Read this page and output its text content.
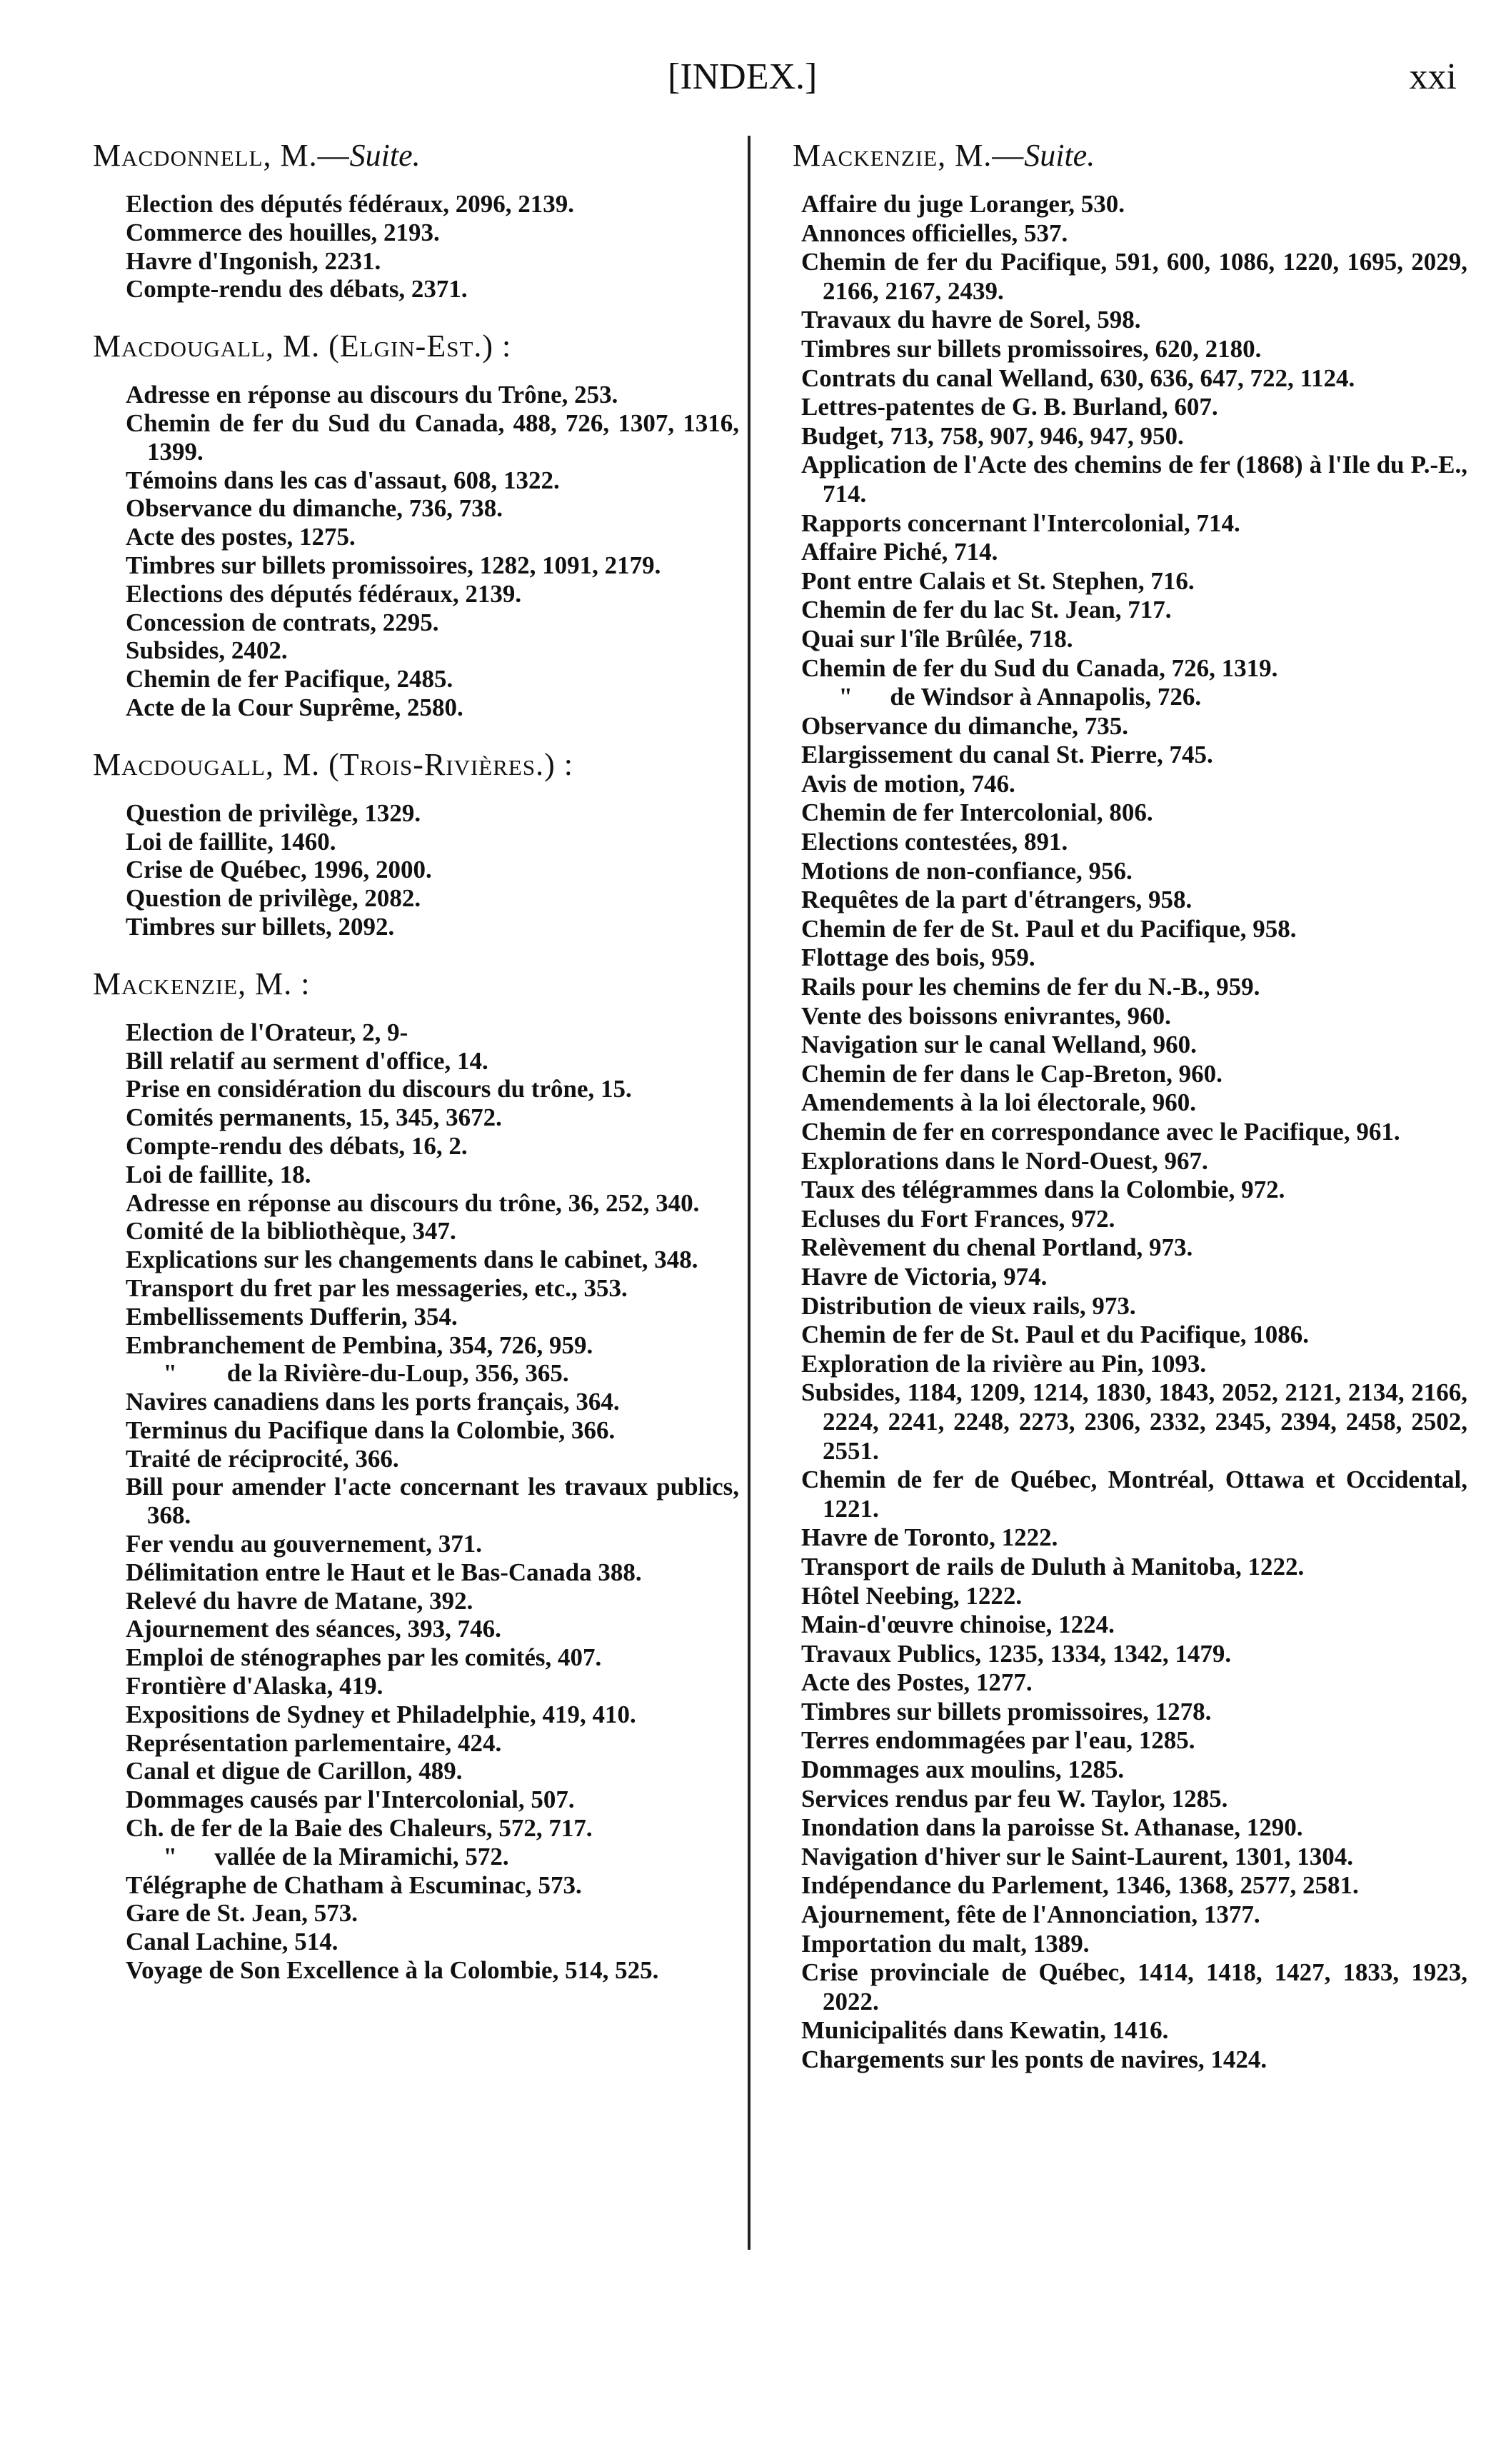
[INDEX.]	xxi
Macdonnell, M.—Suite.
Election des députés fédéraux, 2096, 2139.
Commerce des houilles, 2193.
Havre d'Ingonish, 2231.
Compte-rendu des débats, 2371.
Macdougall, M. (Elgin-Est.) :
Adresse en réponse au discours du Trône, 253.
Chemin de fer du Sud du Canada, 488, 726, 1307, 1316, 1399.
Témoins dans les cas d'assaut, 608, 1322.
Observance du dimanche, 736, 738.
Acte des postes, 1275.
Timbres sur billets promissoires, 1282, 1091, 2179.
Elections des députés fédéraux, 2139.
Concession de contrats, 2295.
Subsides, 2402.
Chemin de fer Pacifique, 2485.
Acte de la Cour Suprême, 2580.
Macdougall, M. (Trois-Rivières.) :
Question de privilège, 1329.
Loi de faillite, 1460.
Crise de Québec, 1996, 2000.
Question de privilège, 2082.
Timbres sur billets, 2092.
Mackenzie, M. :
Election de l'Orateur, 2, 9-
Bill relatif au serment d'office, 14.
Prise en considération du discours du trône, 15.
Comités permanents, 15, 345, 3672.
Compte-rendu des débats, 16, 2.
Loi de faillite, 18.
Adresse en réponse au discours du trône, 36, 252, 340.
Comité de la bibliothèque, 347.
Explications sur les changements dans le cabinet, 348.
Transport du fret par les messageries, etc., 353.
Embellissements Dufferin, 354.
Embranchement de Pembina, 354, 726, 959.
"        de la Rivière-du-Loup, 356, 365.
Navires canadiens dans les ports français, 364.
Terminus du Pacifique dans la Colombie, 366.
Traité de réciprocité, 366.
Bill pour amender l'acte concernant les travaux publics, 368.
Fer vendu au gouvernement, 371.
Délimitation entre le Haut et le Bas-Canada 388.
Relevé du havre de Matane, 392.
Ajournement des séances, 393, 746.
Emploi de sténographes par les comités, 407.
Frontière d'Alaska, 419.
Expositions de Sydney et Philadelphie, 419, 410.
Représentation parlementaire, 424.
Canal et digue de Carillon, 489.
Dommages causés par l'Intercolonial, 507.
Ch. de fer de la Baie des Chaleurs, 572, 717.
"      vallée de la Miramichi, 572.
Télégraphe de Chatham à Escuminac, 573.
Gare de St. Jean, 573.
Canal Lachine, 514.
Voyage de Son Excellence à la Colombie, 514, 525.
Mackenzie, M.—Suite.
Affaire du juge Loranger, 530.
Annonces officielles, 537.
Chemin de fer du Pacifique, 591, 600, 1086, 1220, 1695, 2029, 2166, 2167, 2439.
Travaux du havre de Sorel, 598.
Timbres sur billets promissoires, 620, 2180.
Contrats du canal Welland, 630, 636, 647, 722, 1124.
Lettres-patentes de G. B. Burland, 607.
Budget, 713, 758, 907, 946, 947, 950.
Application de l'Acte des chemins de fer (1868) à l'Ile du P.-E., 714.
Rapports concernant l'Intercolonial, 714.
Affaire Piché, 714.
Pont entre Calais et St. Stephen, 716.
Chemin de fer du lac St. Jean, 717.
Quai sur l'île Brûlée, 718.
Chemin de fer du Sud du Canada, 726, 1319.
"      de Windsor à Annapolis, 726.
Observance du dimanche, 735.
Elargissement du canal St. Pierre, 745.
Avis de motion, 746.
Chemin de fer Intercolonial, 806.
Elections contestées, 891.
Motions de non-confiance, 956.
Requêtes de la part d'étrangers, 958.
Chemin de fer de St. Paul et du Pacifique, 958.
Flottage des bois, 959.
Rails pour les chemins de fer du N.-B., 959.
Vente des boissons enivrantes, 960.
Navigation sur le canal Welland, 960.
Chemin de fer dans le Cap-Breton, 960.
Amendements à la loi électorale, 960.
Chemin de fer en correspondance avec le Pacifique, 961.
Explorations dans le Nord-Ouest, 967.
Taux des télégrammes dans la Colombie, 972.
Ecluses du Fort Frances, 972.
Relèvement du chenal Portland, 973.
Havre de Victoria, 974.
Distribution de vieux rails, 973.
Chemin de fer de St. Paul et du Pacifique, 1086.
Exploration de la rivière au Pin, 1093.
Subsides, 1184, 1209, 1214, 1830, 1843, 2052, 2121, 2134, 2166, 2224, 2241, 2248, 2273, 2306, 2332, 2345, 2394, 2458, 2502, 2551.
Chemin de fer de Québec, Montréal, Ottawa et Occidental, 1221.
Havre de Toronto, 1222.
Transport de rails de Duluth à Manitoba, 1222.
Hôtel Neebing, 1222.
Main-d'œuvre chinoise, 1224.
Travaux Publics, 1235, 1334, 1342, 1479.
Acte des Postes, 1277.
Timbres sur billets promissoires, 1278.
Terres endommagées par l'eau, 1285.
Dommages aux moulins, 1285.
Services rendus par feu W. Taylor, 1285.
Inondation dans la paroisse St. Athanase, 1290.
Navigation d'hiver sur le Saint-Laurent, 1301, 1304.
Indépendance du Parlement, 1346, 1368, 2577, 2581.
Ajournement, fête de l'Annonciation, 1377.
Importation du malt, 1389.
Crise provinciale de Québec, 1414, 1418, 1427, 1833, 1923, 2022.
Municipalités dans Kewatin, 1416.
Chargements sur les ponts de navires, 1424.
